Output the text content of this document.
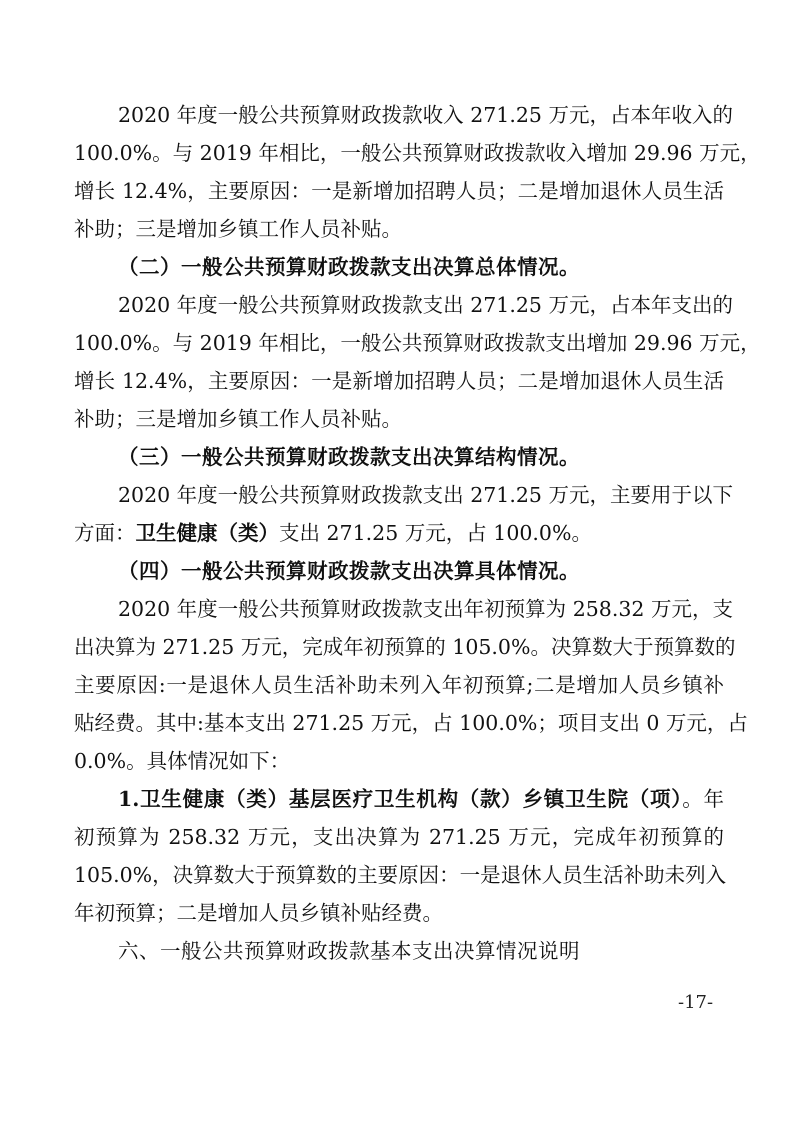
2020 年度一般公共预算财政拨款收入 271.25 万元，占本年收入的
100.0%。与 2019 年相比，一般公共预算财政拨款收入增加 29.96 万元，
增长 12.4%，主要原因：一是新增加招聘人员；二是增加退休人员生活
补助；三是增加乡镇工作人员补贴。
（二）一般公共预算财政拨款支出决算总体情况。
2020 年度一般公共预算财政拨款支出 271.25 万元，占本年支出的
100.0%。与 2019 年相比，一般公共预算财政拨款支出增加 29.96 万元，
增长 12.4%，主要原因：一是新增加招聘人员；二是增加退休人员生活
补助；三是增加乡镇工作人员补贴。
（三）一般公共预算财政拨款支出决算结构情况。
2020 年度一般公共预算财政拨款支出 271.25 万元，主要用于以下
方面：卫生健康（类）支出 271.25 万元，占 100.0%。
（四）一般公共预算财政拨款支出决算具体情况。
2020 年度一般公共预算财政拨款支出年初预算为 258.32 万元，支
出决算为 271.25 万元，完成年初预算的 105.0%。决算数大于预算数的
主要原因:一是退休人员生活补助未列入年初预算;二是增加人员乡镇补
贴经费。其中:基本支出 271.25 万元，占 100.0%；项目支出 0 万元，占
0.0%。具体情况如下：
1.卫生健康（类）基层医疗卫生机构（款）乡镇卫生院（项）。年
初预算为 258.32 万元，支出决算为 271.25 万元，完成年初预算的
105.0%，决算数大于预算数的主要原因：一是退休人员生活补助未列入
年初预算；二是增加人员乡镇补贴经费。
六、一般公共预算财政拨款基本支出决算情况说明
-17-
